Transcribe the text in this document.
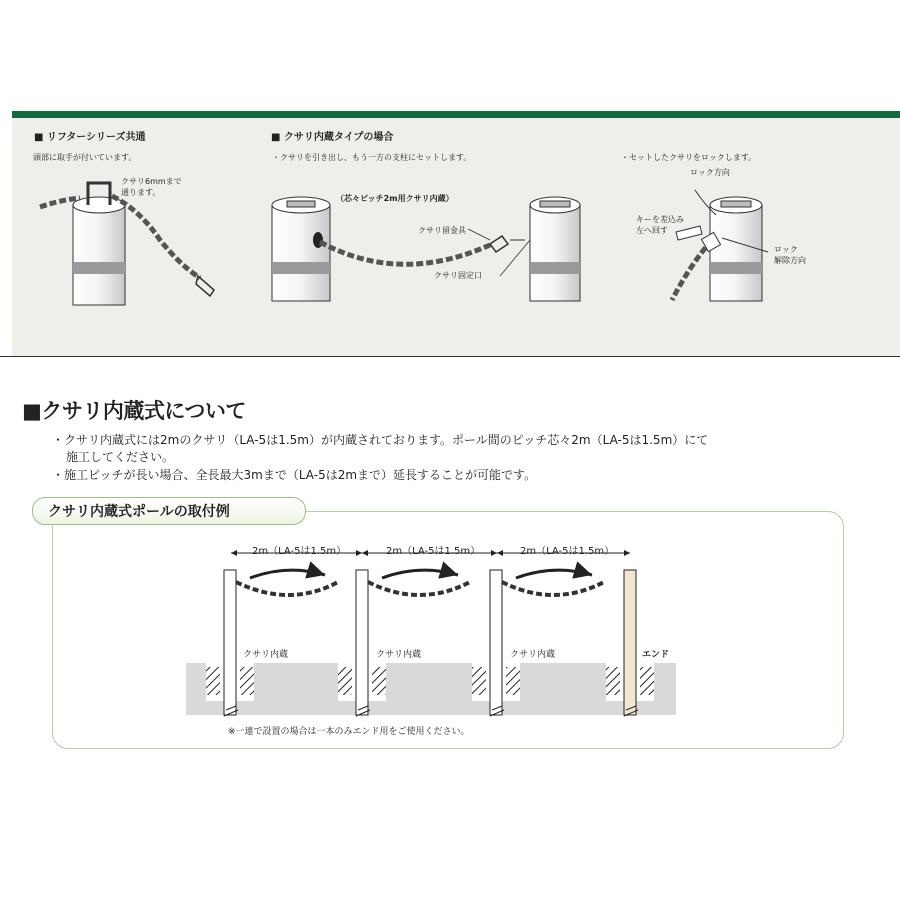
■ リフターシリーズ共通
頭部に取手が付いています。
クサリ6mmまで
通ります。
■ クサリ内蔵タイプの場合
・クサリを引き出し、もう一方の支柱にセットします。
（芯々ピッチ2m用クサリ内蔵）
クサリ留金具
クサリ固定口
・セットしたクサリをロックします。
ロック方向
キーを差込み
左へ回す
ロック
解除方向
■クサリ内蔵式について
・クサリ内蔵式には2mのクサリ（LA-5は1.5m）が内蔵されております。ポール間のピッチ芯々2m（LA-5は1.5m）にて
施工してください。
・施工ピッチが長い場合、全長最大3mまで（LA-5は2mまで）延長することが可能です。
クサリ内蔵式ポールの取付例
2m（LA-5は1.5m）	2m（LA-5は1.5m）	2m（LA-5は1.5m）
クサリ内蔵	クサリ内蔵	クサリ内蔵	エンド
※一連で設置の場合は一本のみエンド用をご使用ください。
